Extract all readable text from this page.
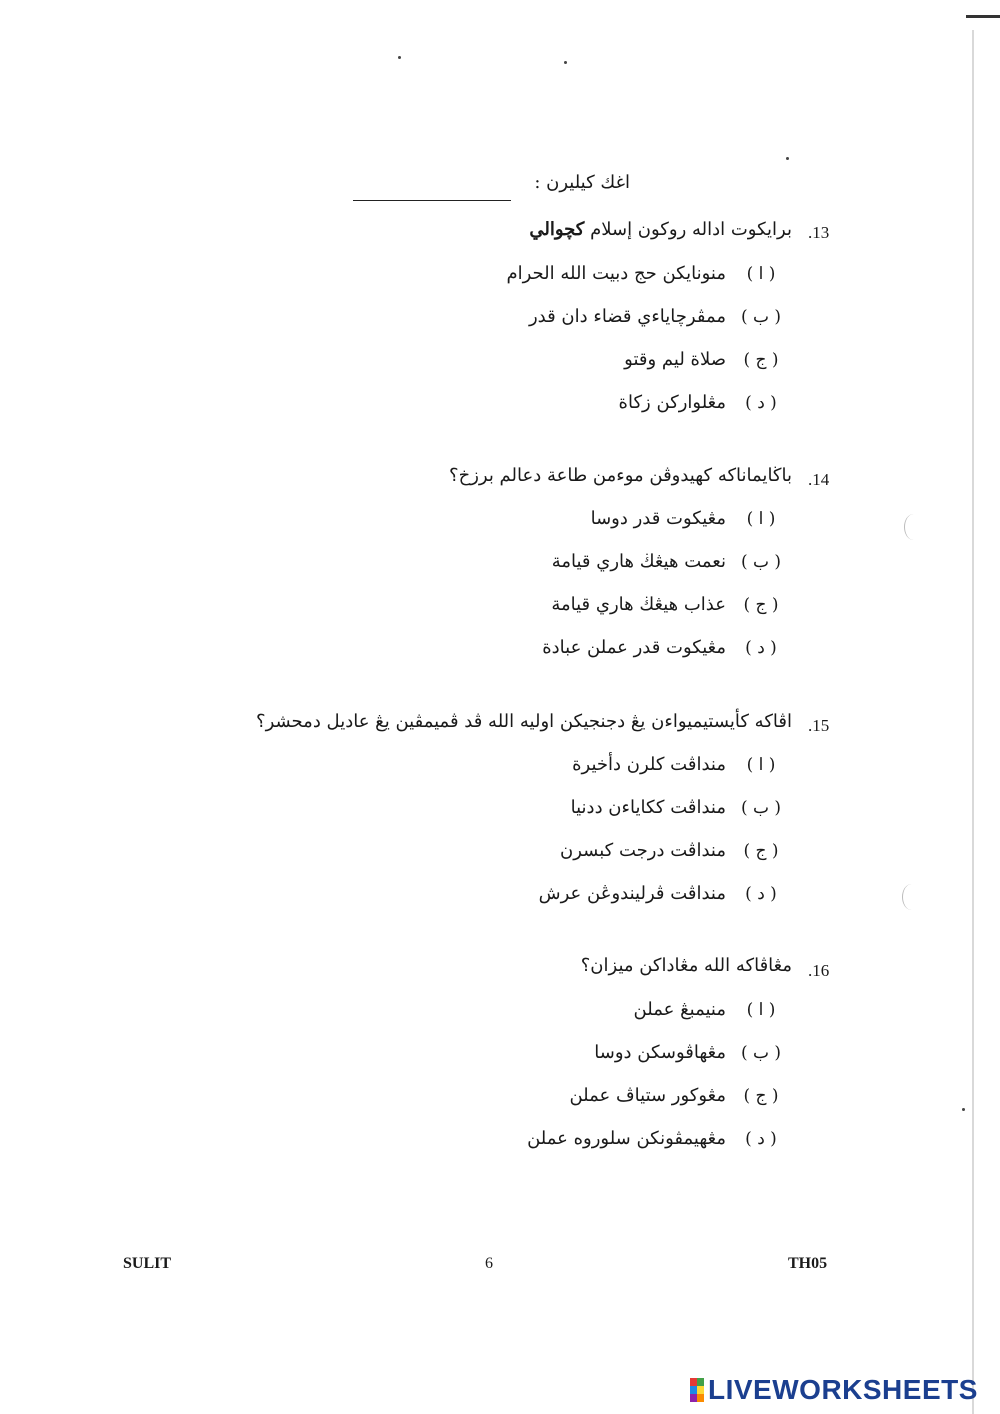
اغك كيليرن :
.13
برايكوت اداله روكون إسلام كچوالي
( ا )
منونايكن حج دبيت الله الحرام
( ب )
ممڤرچاياءي قضاء دان قدر
( ج )
صلاة ليم وقتو
( د )
مڠلواركن زكاة
.14
باڬايماناكه كهيدوڤن موءمن طاعة دعالم برزخ؟
( ا )
مڠيكوت قدر دوسا
( ب )
نعمت هيڠڬ هاري قيامة
( ج )
عذاب هيڠڬ هاري قيامة
( د )
مڠيكوت قدر عملن عبادة
.15
اڤاكه كأيستيميواءن يڠ دجنجيكن اوليه الله ڤد ڤميمڤين يڠ عاديل دمحشر؟
( ا )
منداڤت كلرن دأخيرة
( ب )
منداڤت ككاياءن ددنيا
( ج )
منداڤت درجت كبسرن
( د )
منداڤت ڤرليندوڠن عرش
.16
مڠاڤاكه الله مڠاداكن ميزان؟
( ا )
منيمبڠ عملن
( ب )
مڠهاڤوسكن دوسا
( ج )
مڠوكور ستياڤ عملن
( د )
مڠهيمڤونكن سلوروه عملن
SULIT	6	TH05
LIVEWORKSHEETS
